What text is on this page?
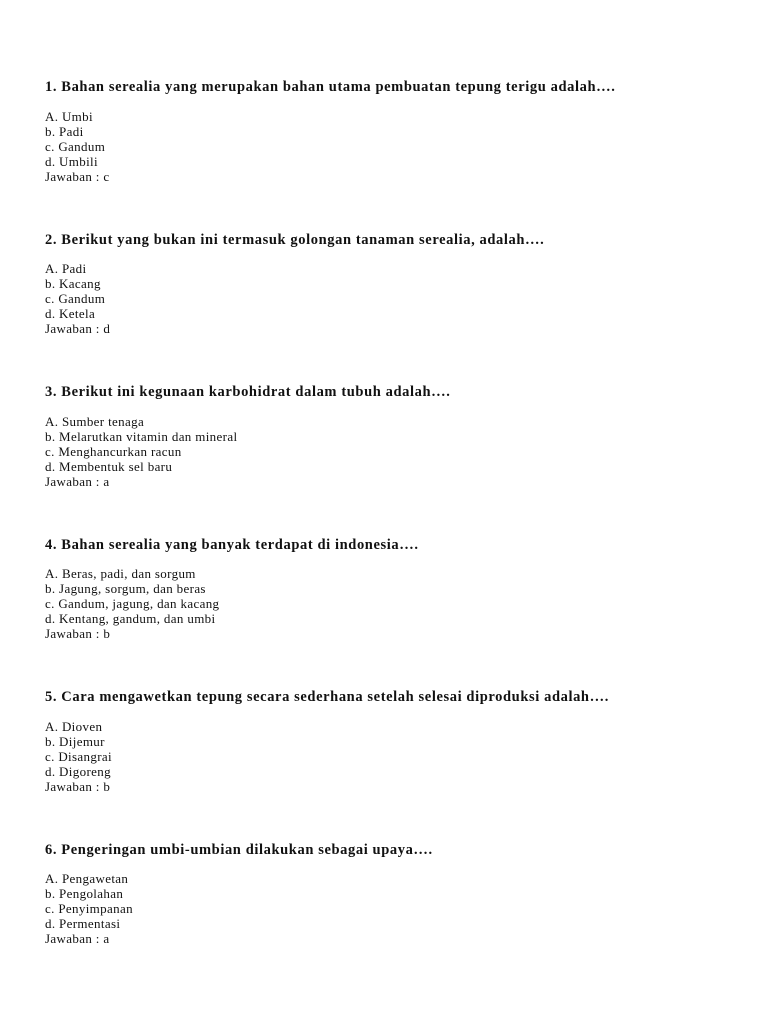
1. Bahan serealia yang merupakan bahan utama pembuatan tepung terigu adalah….

A. Umbi
b. Padi
c. Gandum
d. Umbili
Jawaban : c

2. Berikut yang bukan ini termasuk golongan tanaman serealia, adalah….

A. Padi
b. Kacang
c. Gandum
d. Ketela
Jawaban : d

3. Berikut ini kegunaan karbohidrat dalam tubuh adalah….

A. Sumber tenaga
b. Melarutkan vitamin dan mineral
c. Menghancurkan racun
d. Membentuk sel baru
Jawaban : a

4. Bahan serealia yang banyak terdapat di indonesia….

A. Beras, padi, dan sorgum
b. Jagung, sorgum, dan beras
c. Gandum, jagung, dan kacang
d. Kentang, gandum, dan umbi
Jawaban : b

5. Cara mengawetkan tepung secara sederhana setelah selesai diproduksi adalah….

A. Dioven
b. Dijemur
c. Disangrai
d. Digoreng
Jawaban : b

6. Pengeringan umbi-umbian dilakukan sebagai upaya….

A. Pengawetan
b. Pengolahan
c. Penyimpanan
d. Permentasi
Jawaban : a
